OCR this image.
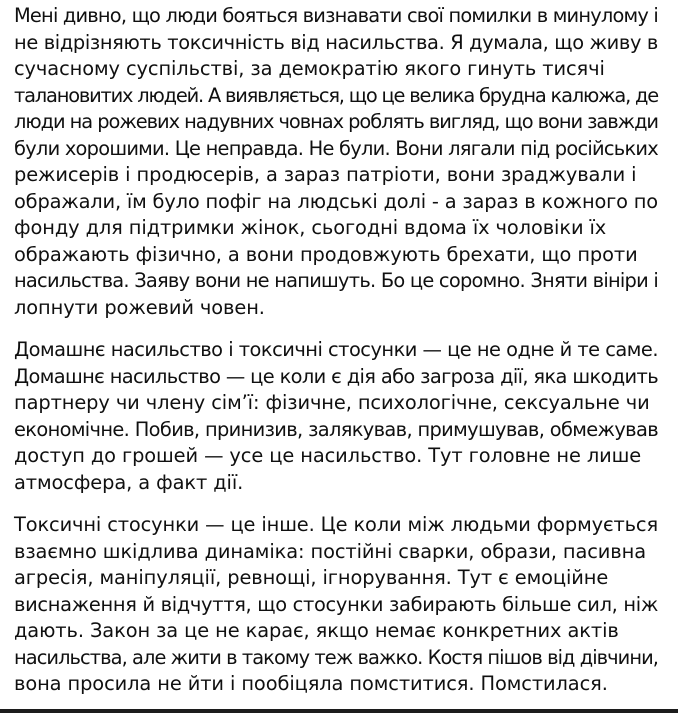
Мені дивно, що люди бояться визнавати свої помилки в минулому і
не відрізняють токсичність від насильства. Я думала, що живу в
сучасному суспільстві, за демократію якого гинуть тисячі
талановитих людей. А виявляється, що це велика брудна калюжа, де
люди на рожевих надувних човнах роблять вигляд, що вони завжди
були хорошими. Це неправда. Не були. Вони лягали під російських
режисерів і продюсерів, а зараз патріоти, вони зраджували і
ображали, їм було пофіг на людські долі - а зараз в кожного по
фонду для підтримки жінок, сьогодні вдома їх чоловіки їх
ображають фізично, а вони продовжують брехати, що проти
насильства. Заяву вони не напишуть. Бо це соромно. Зняти вініри і
лопнути рожевий човен.

Домашнє насильство і токсичні стосунки — це не одне й те саме.
Домашнє насильство — це коли є дія або загроза дії, яка шкодить
партнеру чи члену сім’ї: фізичне, психологічне, сексуальне чи
економічне. Побив, принизив, залякував, примушував, обмежував
доступ до грошей — усе це насильство. Тут головне не лише
атмосфера, а факт дії.

Токсичні стосунки — це інше. Це коли між людьми формується
взаємно шкідлива динаміка: постійні сварки, образи, пасивна
агресія, маніпуляції, ревнощі, ігнорування. Тут є емоційне
виснаження й відчуття, що стосунки забирають більше сил, ніж
дають. Закон за це не карає, якщо немає конкретних актів
насильства, але жити в такому теж важко. Костя пішов від дівчини,
вона просила не йти і пообіцяла помститися. Помстилася.
